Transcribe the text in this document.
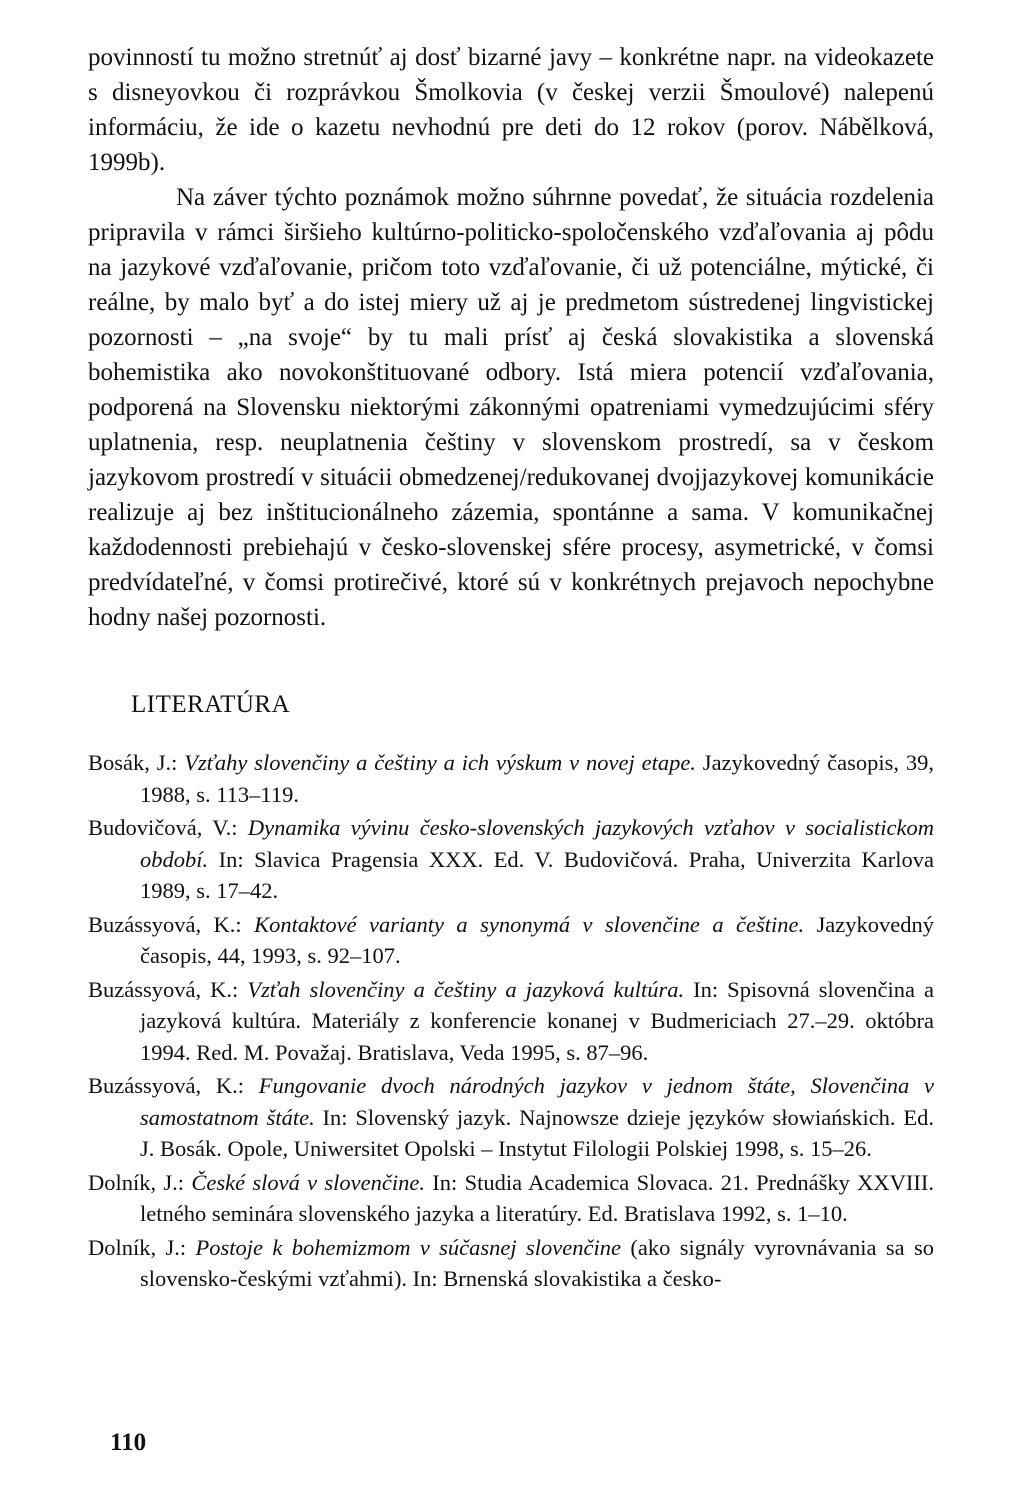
povinností tu možno stretnúť aj dosť bizarné javy – konkrétne napr. na videokazete s disneyovkou či rozprávkou Šmolkovia (v českej verzii Šmoulové) nalepenú informáciu, že ide o kazetu nevhodnú pre deti do 12 rokov (porov. Nábělková, 1999b).

Na záver týchto poznámok možno súhrnne povedať, že situácia rozdelenia pripravila v rámci širšieho kultúrno-politicko-spoločenského vzďaľovania aj pôdu na jazykové vzďaľovanie, pričom toto vzďaľovanie, či už potenciálne, mýtické, či reálne, by malo byť a do istej miery už aj je predmetom sústredenej lingvistickej pozornosti – „na svoje“ by tu mali prísť aj česká slovakistika a slovenská bohemistika ako novokonštituované odbory. Istá miera potencií vzďaľovania, podporená na Slovensku niektorými zákonnými opatreniami vymedzujúcimi sféry uplatnenia, resp. neuplatnenia češtiny v slovenskom prostredí, sa v českom jazykovom prostredí v situácii obmedzenej/redukovanej dvojjazykovej komunikácie realizuje aj bez inštitucionálneho zázemia, spontánne a sama. V komunikačnej každodennosti prebiehajú v česko-slovenskej sfére procesy, asymetrické, v čomsi predvídateľné, v čomsi protirečivé, ktoré sú v konkrétnych prejavoch nepochybne hodny našej pozornosti.

LITERATÚRA

Bosák, J.: Vzťahy slovenčiny a češtiny a ich výskum v novej etape. Jazykovedný časopis, 39, 1988, s. 113–119.

Budovičová, V.: Dynamika vývinu česko-slovenských jazykových vzťahov v socialistickom období. In: Slavica Pragensia XXX. Ed. V. Budovičová. Praha, Univerzita Karlova 1989, s. 17–42.

Buzássyová, K.: Kontaktové varianty a synonymá v slovenčine a češtine. Jazykovedný časopis, 44, 1993, s. 92–107.

Buzássyová, K.: Vzťah slovenčiny a češtiny a jazyková kultúra. In: Spisovná slovenčina a jazyková kultúra. Materiály z konferencie konanej v Budmericiach 27.–29. októbra 1994. Red. M. Považaj. Bratislava, Veda 1995, s. 87–96.

Buzássyová, K.: Fungovanie dvoch národných jazykov v jednom štáte, Slovenčina v samostatnom štáte. In: Slovenský jazyk. Najnowsze dzieje języków słowiańskich. Ed. J. Bosák. Opole, Uniwersitet Opolski – Instytut Filologii Polskiej 1998, s. 15–26.

Dolník, J.: České slová v slovenčine. In: Studia Academica Slovaca. 21. Prednášky XXVIII. letného seminára slovenského jazyka a literatúry. Ed. Bratislava 1992, s. 1–10.

Dolník, J.: Postoje k bohemizmom v súčasnej slovenčine (ako signály vyrovnávania sa so slovensko-českými vzťahmi). In: Brnenská slovakistika a česko-

110
